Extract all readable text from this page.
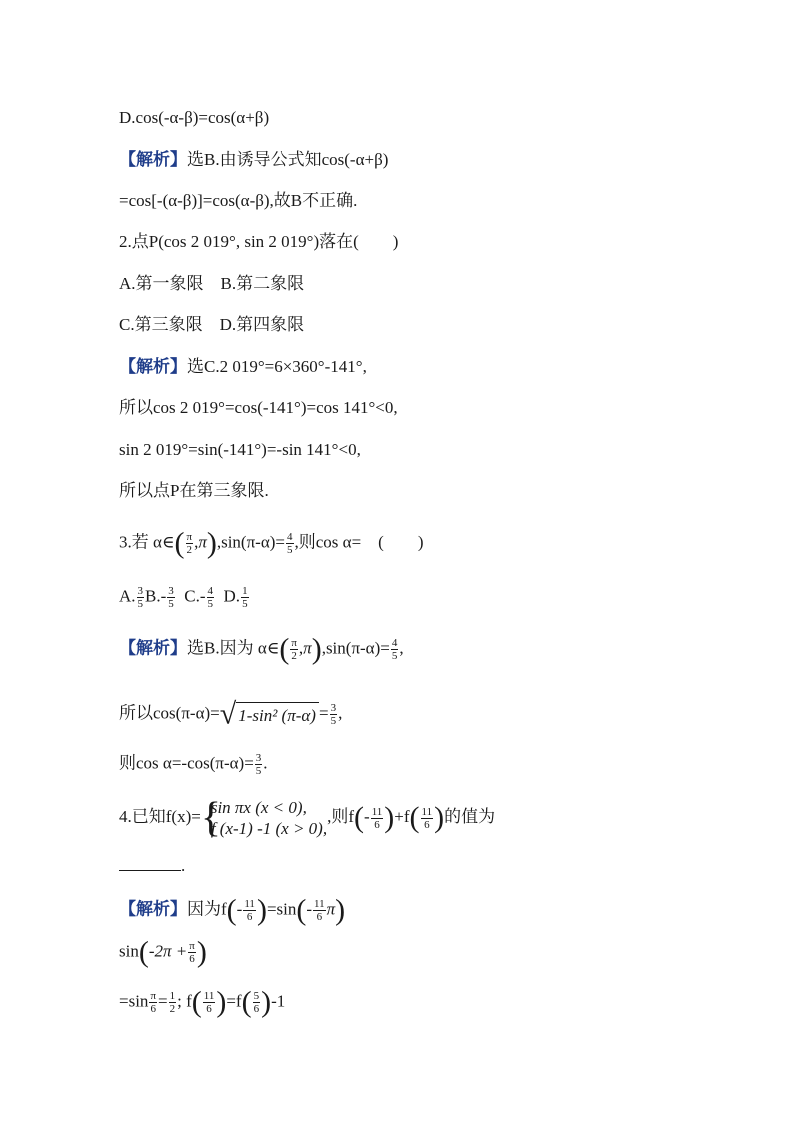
D.cos(-α-β)=cos(α+β)
【解析】选B.由诱导公式知cos(-α+β)
=cos[-(α-β)]=cos(α-β),故B不正确.
2.点P(cos 2 019°, sin 2 019°)落在(　　)
A.第一象限　B.第二象限
C.第三象限　D.第四象限
【解析】选C.2 019°=6×360°-141°,
所以cos 2 019°=cos(-141°)=cos 141°<0,
sin 2 019°=sin(-141°)=-sin 141°<0,
所以点P在第三象限.
3.若 α∈( $\frac{\pi}{2} ,\pi),\sin(\pi-\alpha)= \frac{4}{5}$ ,则cos α=　(　　)
A. $\frac{3}{5} B.- \frac{3}{5} C.- \frac{4}{5} D$. $\frac{1}{5}$
【解析】选B.因为 α∈( $\frac{\pi}{2} ,\pi),\sin(\pi-\alpha)= \frac{4}{5}$ ,
所以cos(π-α)=√ 1-sin² $(\pi-\alpha) = \frac{3}{5}$ ,
则$\cos \alpha=-\cos(\pi-\alpha)= \frac{3}{5}$ .
4.已知f(x)= {
sin πx (x < 0),
f (x-1) -1 (x > 0),
,则$f(- \frac{11}{6} )+f( \frac{11}{6}$ )的值为
.
【解析】因为$f(- \frac{11}{6} )=\sin(- \frac{11}{6} \pi)$
$\sin(-2\pi + \frac{\pi}{6}$ )
$=\sin \frac{\pi}{6} = \frac{1}{2}$ ; $f( \frac{11}{6} )=f( \frac{5}{6} )-1$
